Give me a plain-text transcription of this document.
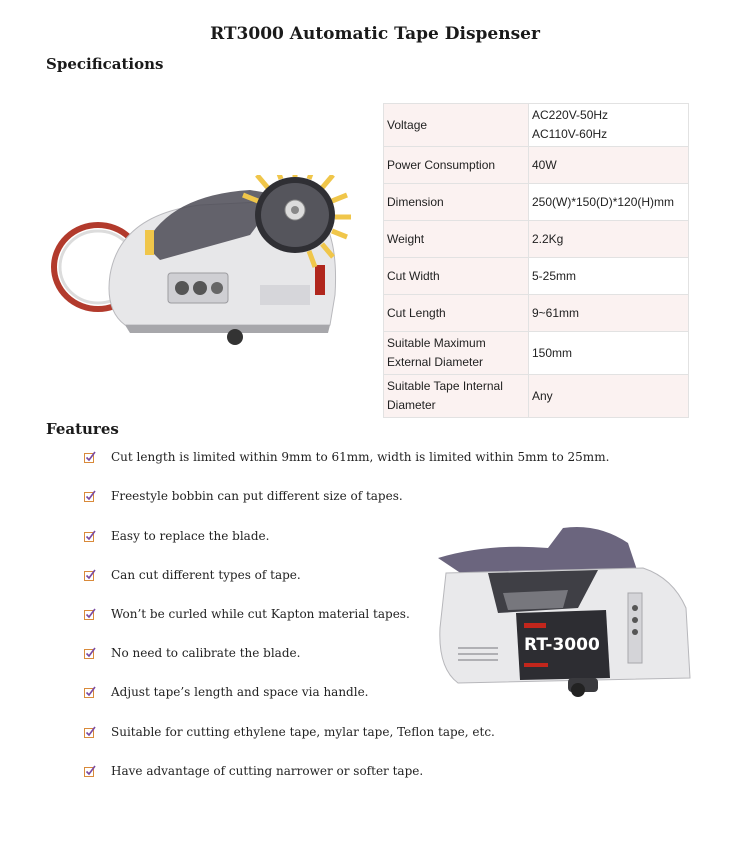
RT3000 Automatic Tape Dispenser
Specifications
Voltage	AC220V-50Hz
AC110V-60Hz

Power Consumption	40W
Dimension	250(W)*150(D)*120(H)mm
Weight	2.2Kg
Cut Width	5-25mm
Cut Length	9~61mm

Suitable Maximum
External Diameter	150mm

Suitable Tape Internal
Diameter	Any
Features
Cut length is limited within 9mm to 61mm, width is limited within 5mm to 25mm.
Freestyle bobbin can put different size of tapes.
Easy to replace the blade.
Can cut different types of tape.
Won’t be curled while cut Kapton material tapes.
No need to calibrate the blade.
Adjust tape’s length and space via handle.
Suitable for cutting ethylene tape, mylar tape, Teflon tape, etc.
Have advantage of cutting narrower or softer tape.
RT-3000
